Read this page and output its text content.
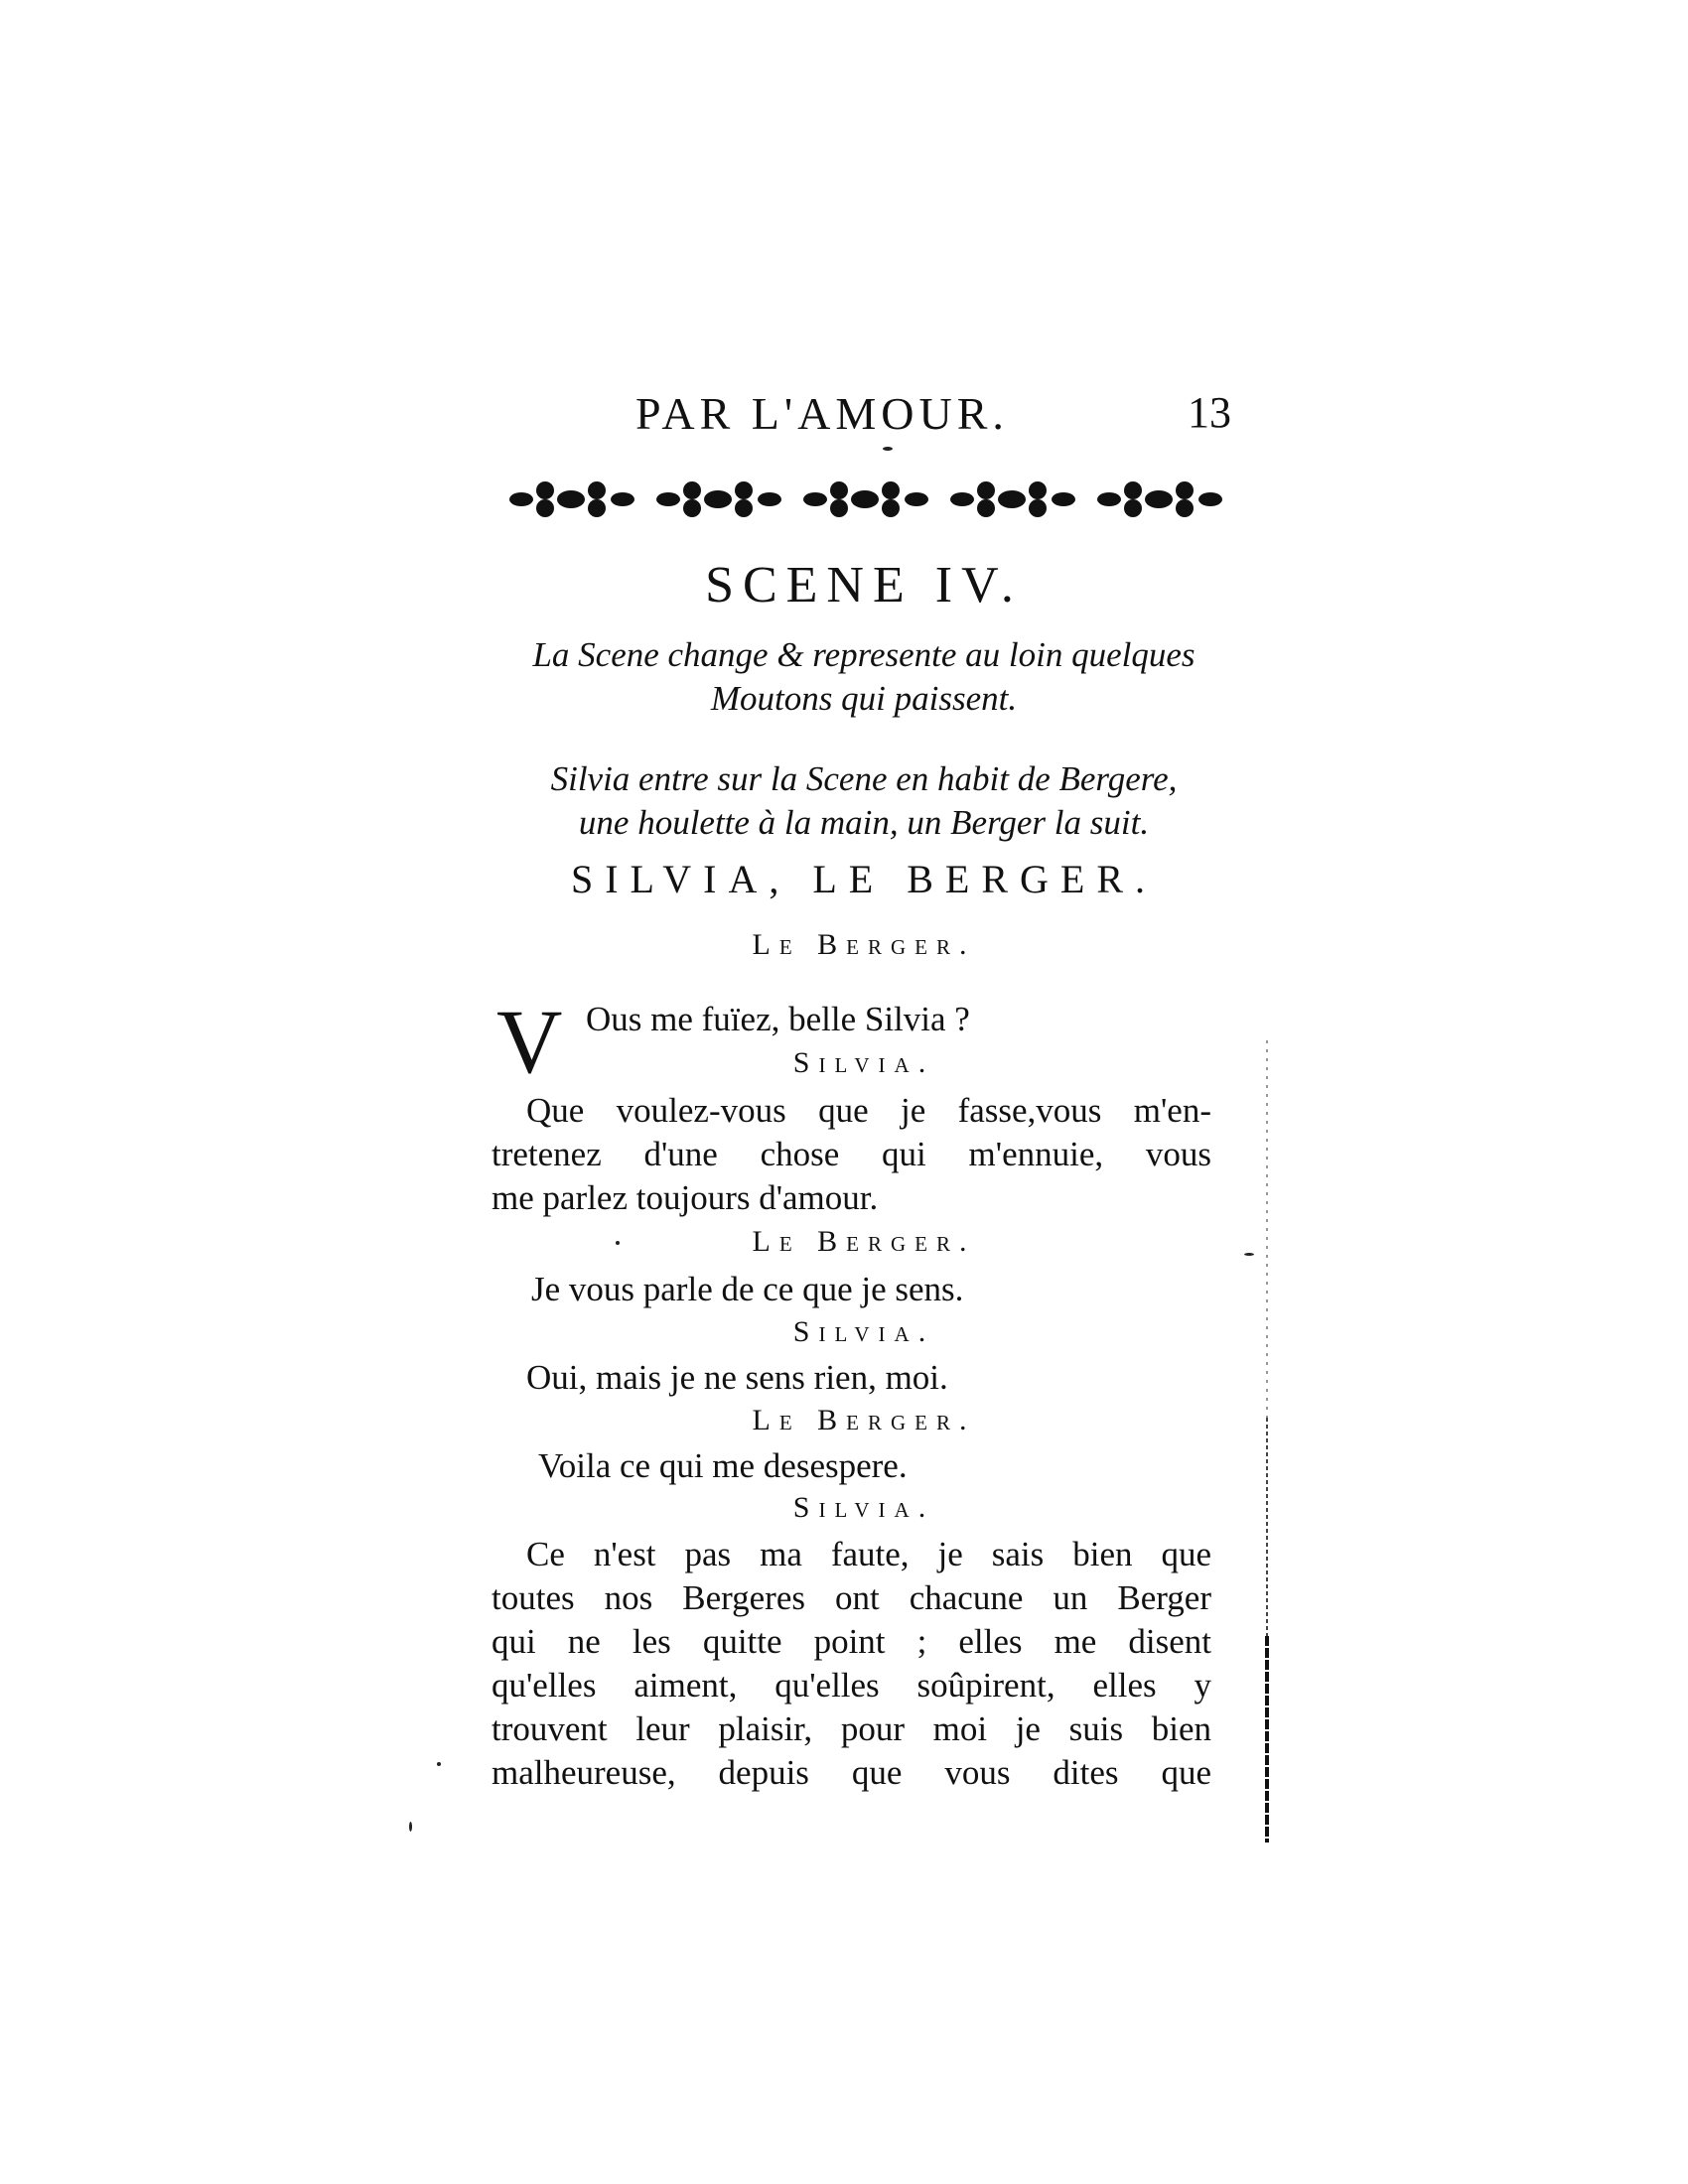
PAR L'AMOUR.	13
SCENE IV.
La Scene change & represente au loin quelques
Moutons qui paissent.
Silvia entre sur la Scene en habit de Bergere,
une houlette à la main, un Berger la suit.
SILVIA, LE BERGER.
Le Berger.
V Ous me fuïez, belle Silvia ?
Silvia.
Que voulez-vous que je fasse,vous m'en-
tretenez d'une chose qui m'ennuie, vous
me parlez toujours d'amour.
Le Berger.
Je vous parle de ce que je sens.
Silvia.
Oui, mais je ne sens rien, moi.
Le Berger.
Voila ce qui me desespere.
Silvia.
Ce n'est pas ma faute, je sais bien que
toutes nos Bergeres ont chacune un Berger
qui ne les quitte point ; elles me disent
qu'elles aiment, qu'elles soûpirent, elles y
trouvent leur plaisir, pour moi je suis bien
malheureuse, depuis que vous dites que
